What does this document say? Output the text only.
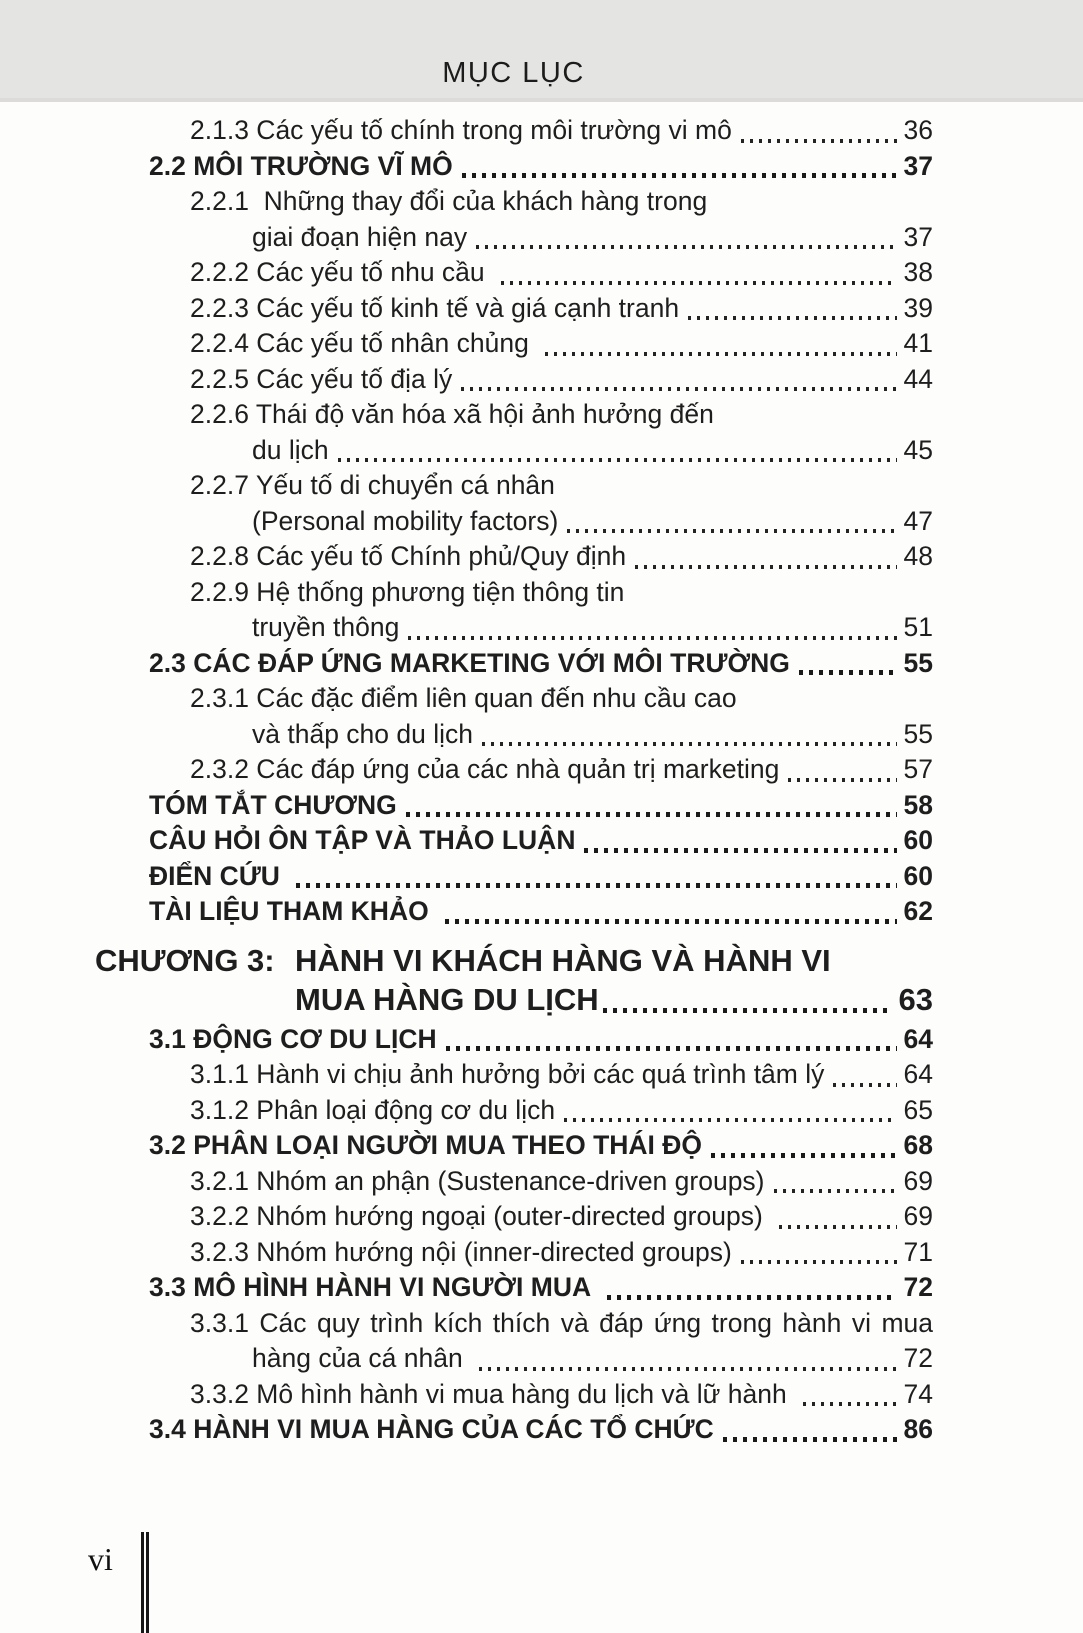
MỤC LỤC
2.1.3 Các yếu tố chính trong môi trường vi mô	36
2.2 MÔI TRƯỜNG VĨ MÔ	37
2.2.1  Những thay đổi của khách hàng trong
giai đoạn hiện nay	37
2.2.2 Các yếu tố nhu cầu	38
2.2.3 Các yếu tố kinh tế và giá cạnh tranh	39
2.2.4 Các yếu tố nhân chủng	41
2.2.5 Các yếu tố địa lý	44
2.2.6 Thái độ văn hóa xã hội ảnh hưởng đến
du lịch	45
2.2.7 Yếu tố di chuyển cá nhân
(Personal mobility factors)	47
2.2.8 Các yếu tố Chính phủ/Quy định	48
2.2.9 Hệ thống phương tiện thông tin
truyền thông	51
2.3 CÁC ĐÁP ỨNG MARKETING VỚI MÔI TRƯỜNG	55
2.3.1 Các đặc điểm liên quan đến nhu cầu cao
và thấp cho du lịch	55
2.3.2 Các đáp ứng của các nhà quản trị marketing	57
TÓM TẮT CHƯƠNG	58
CÂU HỎI ÔN TẬP VÀ THẢO LUẬN	60
ĐIỂN CỨU	60
TÀI LIỆU THAM KHẢO	62
CHƯƠNG 3: HÀNH VI KHÁCH HÀNG VÀ HÀNH VI
MUA HÀNG DU LỊCH	63
3.1 ĐỘNG CƠ DU LỊCH	64
3.1.1 Hành vi chịu ảnh hưởng bởi các quá trình tâm lý	64
3.1.2 Phân loại động cơ du lịch	65
3.2 PHÂN LOẠI NGƯỜI MUA THEO THÁI ĐỘ	68
3.2.1 Nhóm an phận (Sustenance-driven groups)	69
3.2.2 Nhóm hướng ngoại (outer-directed groups)	69
3.2.3 Nhóm hướng nội (inner-directed groups)	71
3.3 MÔ HÌNH HÀNH VI NGƯỜI MUA	72
3.3.1 Các quy trình kích thích và đáp ứng trong hành vi mua
hàng của cá nhân	72
3.3.2 Mô hình hành vi mua hàng du lịch và lữ hành	74
3.4 HÀNH VI MUA HÀNG CỦA CÁC TỔ CHỨC	86
vi
